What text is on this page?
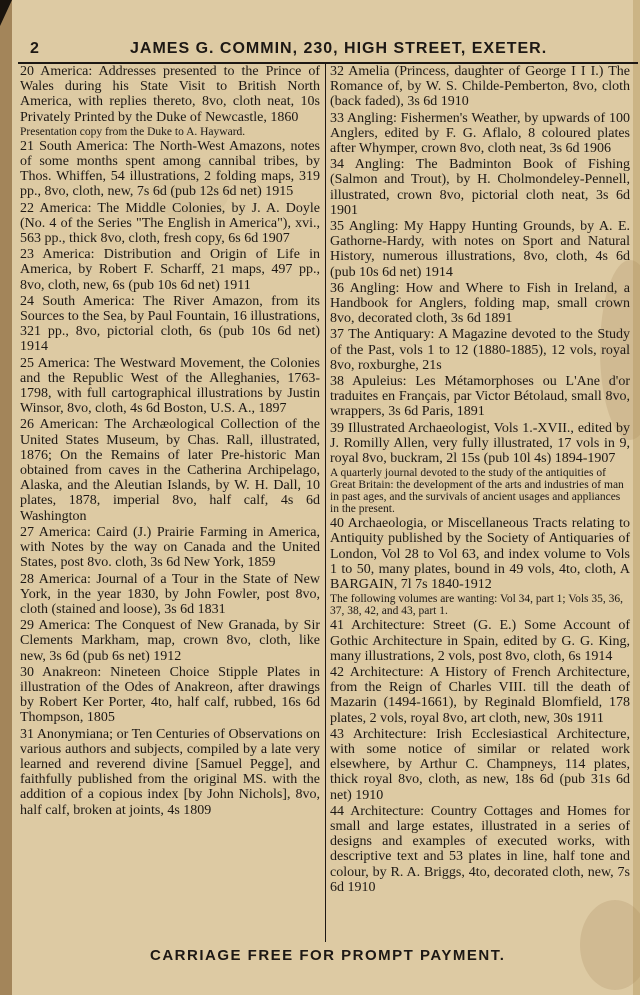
2	JAMES G. COMMIN, 230, HIGH STREET, EXETER.

20 America: Addresses presented to the Prince of Wales during his State Visit to British North America, with replies thereto, 8vo, cloth neat, 10s Privately Printed by the Duke of Newcastle, 1860

Presentation copy from the Duke to A. Hayward.

21 South America: The North-West Amazons, notes of some months spent among cannibal tribes, by Thos. Whiffen, 54 illustrations, 2 folding maps, 319 pp., 8vo, cloth, new, 7s 6d (pub 12s 6d net) 1915

22 America: The Middle Colonies, by J. A. Doyle (No. 4 of the Series "The English in America"), xvi., 563 pp., thick 8vo, cloth, fresh copy, 6s 6d 1907

23 America: Distribution and Origin of Life in America, by Robert F. Scharff, 21 maps, 497 pp., 8vo, cloth, new, 6s (pub 10s 6d net) 1911

24 South America: The River Amazon, from its Sources to the Sea, by Paul Fountain, 16 illustrations, 321 pp., 8vo, pictorial cloth, 6s (pub 10s 6d net) 1914

25 America: The Westward Movement, the Colonies and the Republic West of the Alleghanies, 1763-1798, with full cartographical illustrations by Justin Winsor, 8vo, cloth, 4s 6d Boston, U.S. A., 1897

26 American: The Archæological Collection of the United States Museum, by Chas. Rall, illustrated, 1876; On the Remains of later Pre-historic Man obtained from caves in the Catherina Archipelago, Alaska, and the Aleutian Islands, by W. H. Dall, 10 plates, 1878, imperial 8vo, half calf, 4s 6d Washington

27 America: Caird (J.) Prairie Farming in America, with Notes by the way on Canada and the United States, post 8vo. cloth, 3s 6d New York, 1859

28 America: Journal of a Tour in the State of New York, in the year 1830, by John Fowler, post 8vo, cloth (stained and loose), 3s 6d 1831

29 America: The Conquest of New Granada, by Sir Clements Markham, map, crown 8vo, cloth, like new, 3s 6d (pub 6s net) 1912

30 Anakreon: Nineteen Choice Stipple Plates in illustration of the Odes of Anakreon, after drawings by Robert Ker Porter, 4to, half calf, rubbed, 16s 6d Thompson, 1805

31 Anonymiana; or Ten Centuries of Observations on various authors and subjects, compiled by a late very learned and reverend divine [Samuel Pegge], and faithfully published from the original MS. with the addition of a copious index [by John Nichols], 8vo, half calf, broken at joints, 4s 1809

32 Amelia (Princess, daughter of George I I I.) The Romance of, by W. S. Childe-Pemberton, 8vo, cloth (back faded), 3s 6d 1910

33 Angling: Fishermen's Weather, by upwards of 100 Anglers, edited by F. G. Aflalo, 8 coloured plates after Whymper, crown 8vo, cloth neat, 3s 6d 1906

34 Angling: The Badminton Book of Fishing (Salmon and Trout), by H. Cholmondeley-Pennell, illustrated, crown 8vo, pictorial cloth neat, 3s 6d 1901

35 Angling: My Happy Hunting Grounds, by A. E. Gathorne-Hardy, with notes on Sport and Natural History, numerous illustrations, 8vo, cloth, 4s 6d (pub 10s 6d net) 1914

36 Angling: How and Where to Fish in Ireland, a Handbook for Anglers, folding map, small crown 8vo, decorated cloth, 3s 6d 1891

37 The Antiquary: A Magazine devoted to the Study of the Past, vols 1 to 12 (1880-1885), 12 vols, royal 8vo, roxburghe, 21s

38 Apuleius: Les Métamorphoses ou L'Ane d'or traduites en Français, par Victor Bétolaud, small 8vo, wrappers, 3s 6d Paris, 1891

39 Illustrated Archaeologist, Vols 1.-XVII., edited by J. Romilly Allen, very fully illustrated, 17 vols in 9, royal 8vo, buckram, 2l 15s (pub 10l 4s) 1894-1907

A quarterly journal devoted to the study of the antiquities of Great Britain: the development of the arts and industries of man in past ages, and the survivals of ancient usages and appliances in the present.

40 Archaeologia, or Miscellaneous Tracts relating to Antiquity published by the Society of Antiquaries of London, Vol 28 to Vol 63, and index volume to Vols 1 to 50, many plates, bound in 49 vols, 4to, cloth, A BARGAIN, 7l 7s 1840-1912

The following volumes are wanting: Vol 34, part 1; Vols 35, 36, 37, 38, 42, and 43, part 1.

41 Architecture: Street (G. E.) Some Account of Gothic Architecture in Spain, edited by G. G. King, many illustrations, 2 vols, post 8vo, cloth, 6s 1914

42 Architecture: A History of French Architecture, from the Reign of Charles VIII. till the death of Mazarin (1494-1661), by Reginald Blomfield, 178 plates, 2 vols, royal 8vo, art cloth, new, 30s 1911

43 Architecture: Irish Ecclesiastical Architecture, with some notice of similar or related work elsewhere, by Arthur C. Champneys, 114 plates, thick royal 8vo, cloth, as new, 18s 6d (pub 31s 6d net) 1910

44 Architecture: Country Cottages and Homes for small and large estates, illustrated in a series of designs and examples of executed works, with descriptive text and 53 plates in line, half tone and colour, by R. A. Briggs, 4to, decorated cloth, new, 7s 6d 1910

CARRIAGE FREE FOR PROMPT PAYMENT.
